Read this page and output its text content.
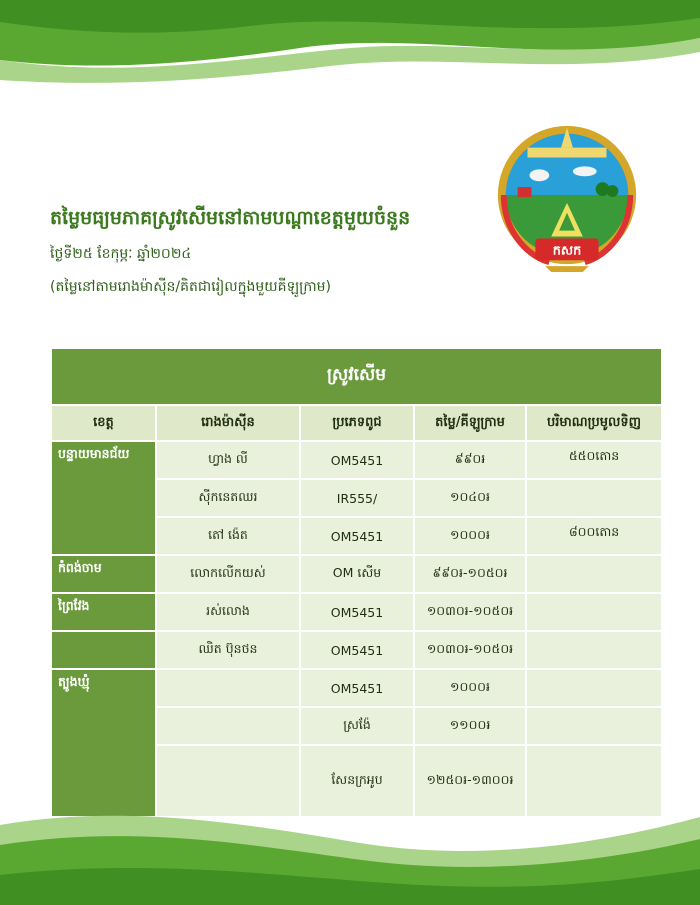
កសក

តម្លៃមធ្យមភាគស្រូវសើមនៅតាមបណ្តាខេត្តមួយចំនួន

ថ្ងៃទី២៥ ខែកុម្ភៈ ឆ្នាំ២០២៤

(តម្លៃនៅតាមរោងម៉ាស៊ីន/គិតជារៀលក្នុងមួយគីឡូក្រាម)

ស្រូវសើម				
ខេត្ត	រោងម៉ាស៊ីន	ប្រភេទពូជ	តម្លៃ/គីឡូក្រាម	បរិមាណប្រមូលទិញ
បន្ទាយមានជ័យ	ហ្វាង លី	OM5451	៩៩០៛	៥៥០តោន
	ស៊ីកនេតឈរ	IR555/	១០៤០៛	
	តៅ ង៉េត	OM5451	១០០០៛	៨០០តោន
កំពង់ចាម	លោកលើកយស់	OM សើម	៩៩០៛-១០៥០៛	
ព្រៃវែង	រស់លោង	OM5451	១០៣០៛-១០៥០៛	
	ឈិត ប៊ុនថន	OM5451	១០៣០៛-១០៥០៛	
ត្បូងឃ្មុំ		OM5451	១០០០៛	
		ស្រង៉ែ	១១០០៛	
		សែនក្រអូប	១២៥០៛-១៣០០៛	
